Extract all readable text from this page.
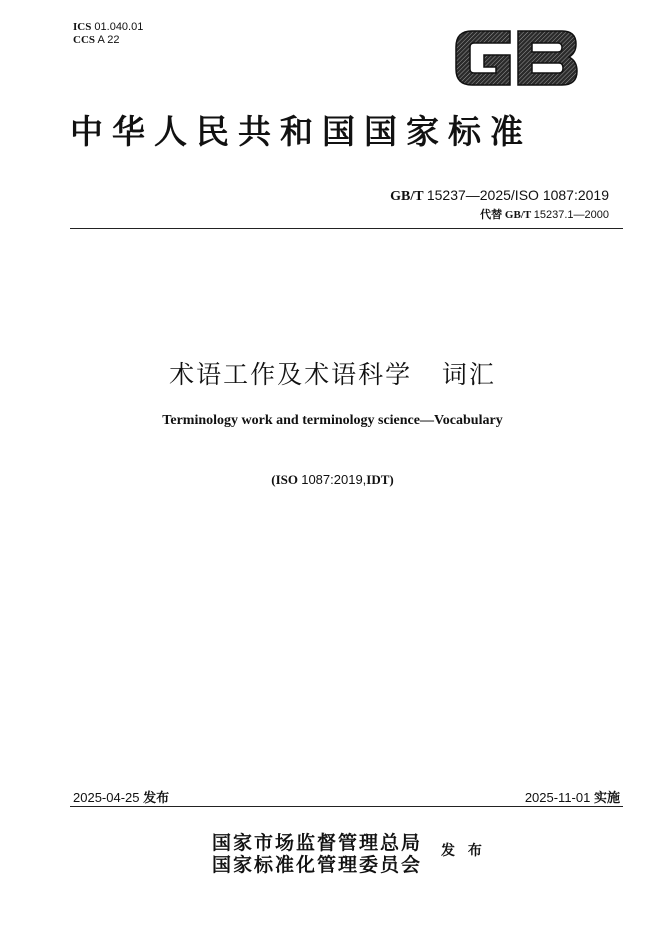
ICS 01.040.01
CCS A 22
中华人民共和国国家标准
GB/T 15237—2025/ISO 1087:2019
代替 GB/T 15237.1—2000
术语工作及术语科学   词汇
Terminology work and terminology science—Vocabulary
(ISO 1087:2019,IDT)
2025-04-25 发布	2025-11-01 实施
国家市场监督管理总局
国家标准化管理委员会
发 布
